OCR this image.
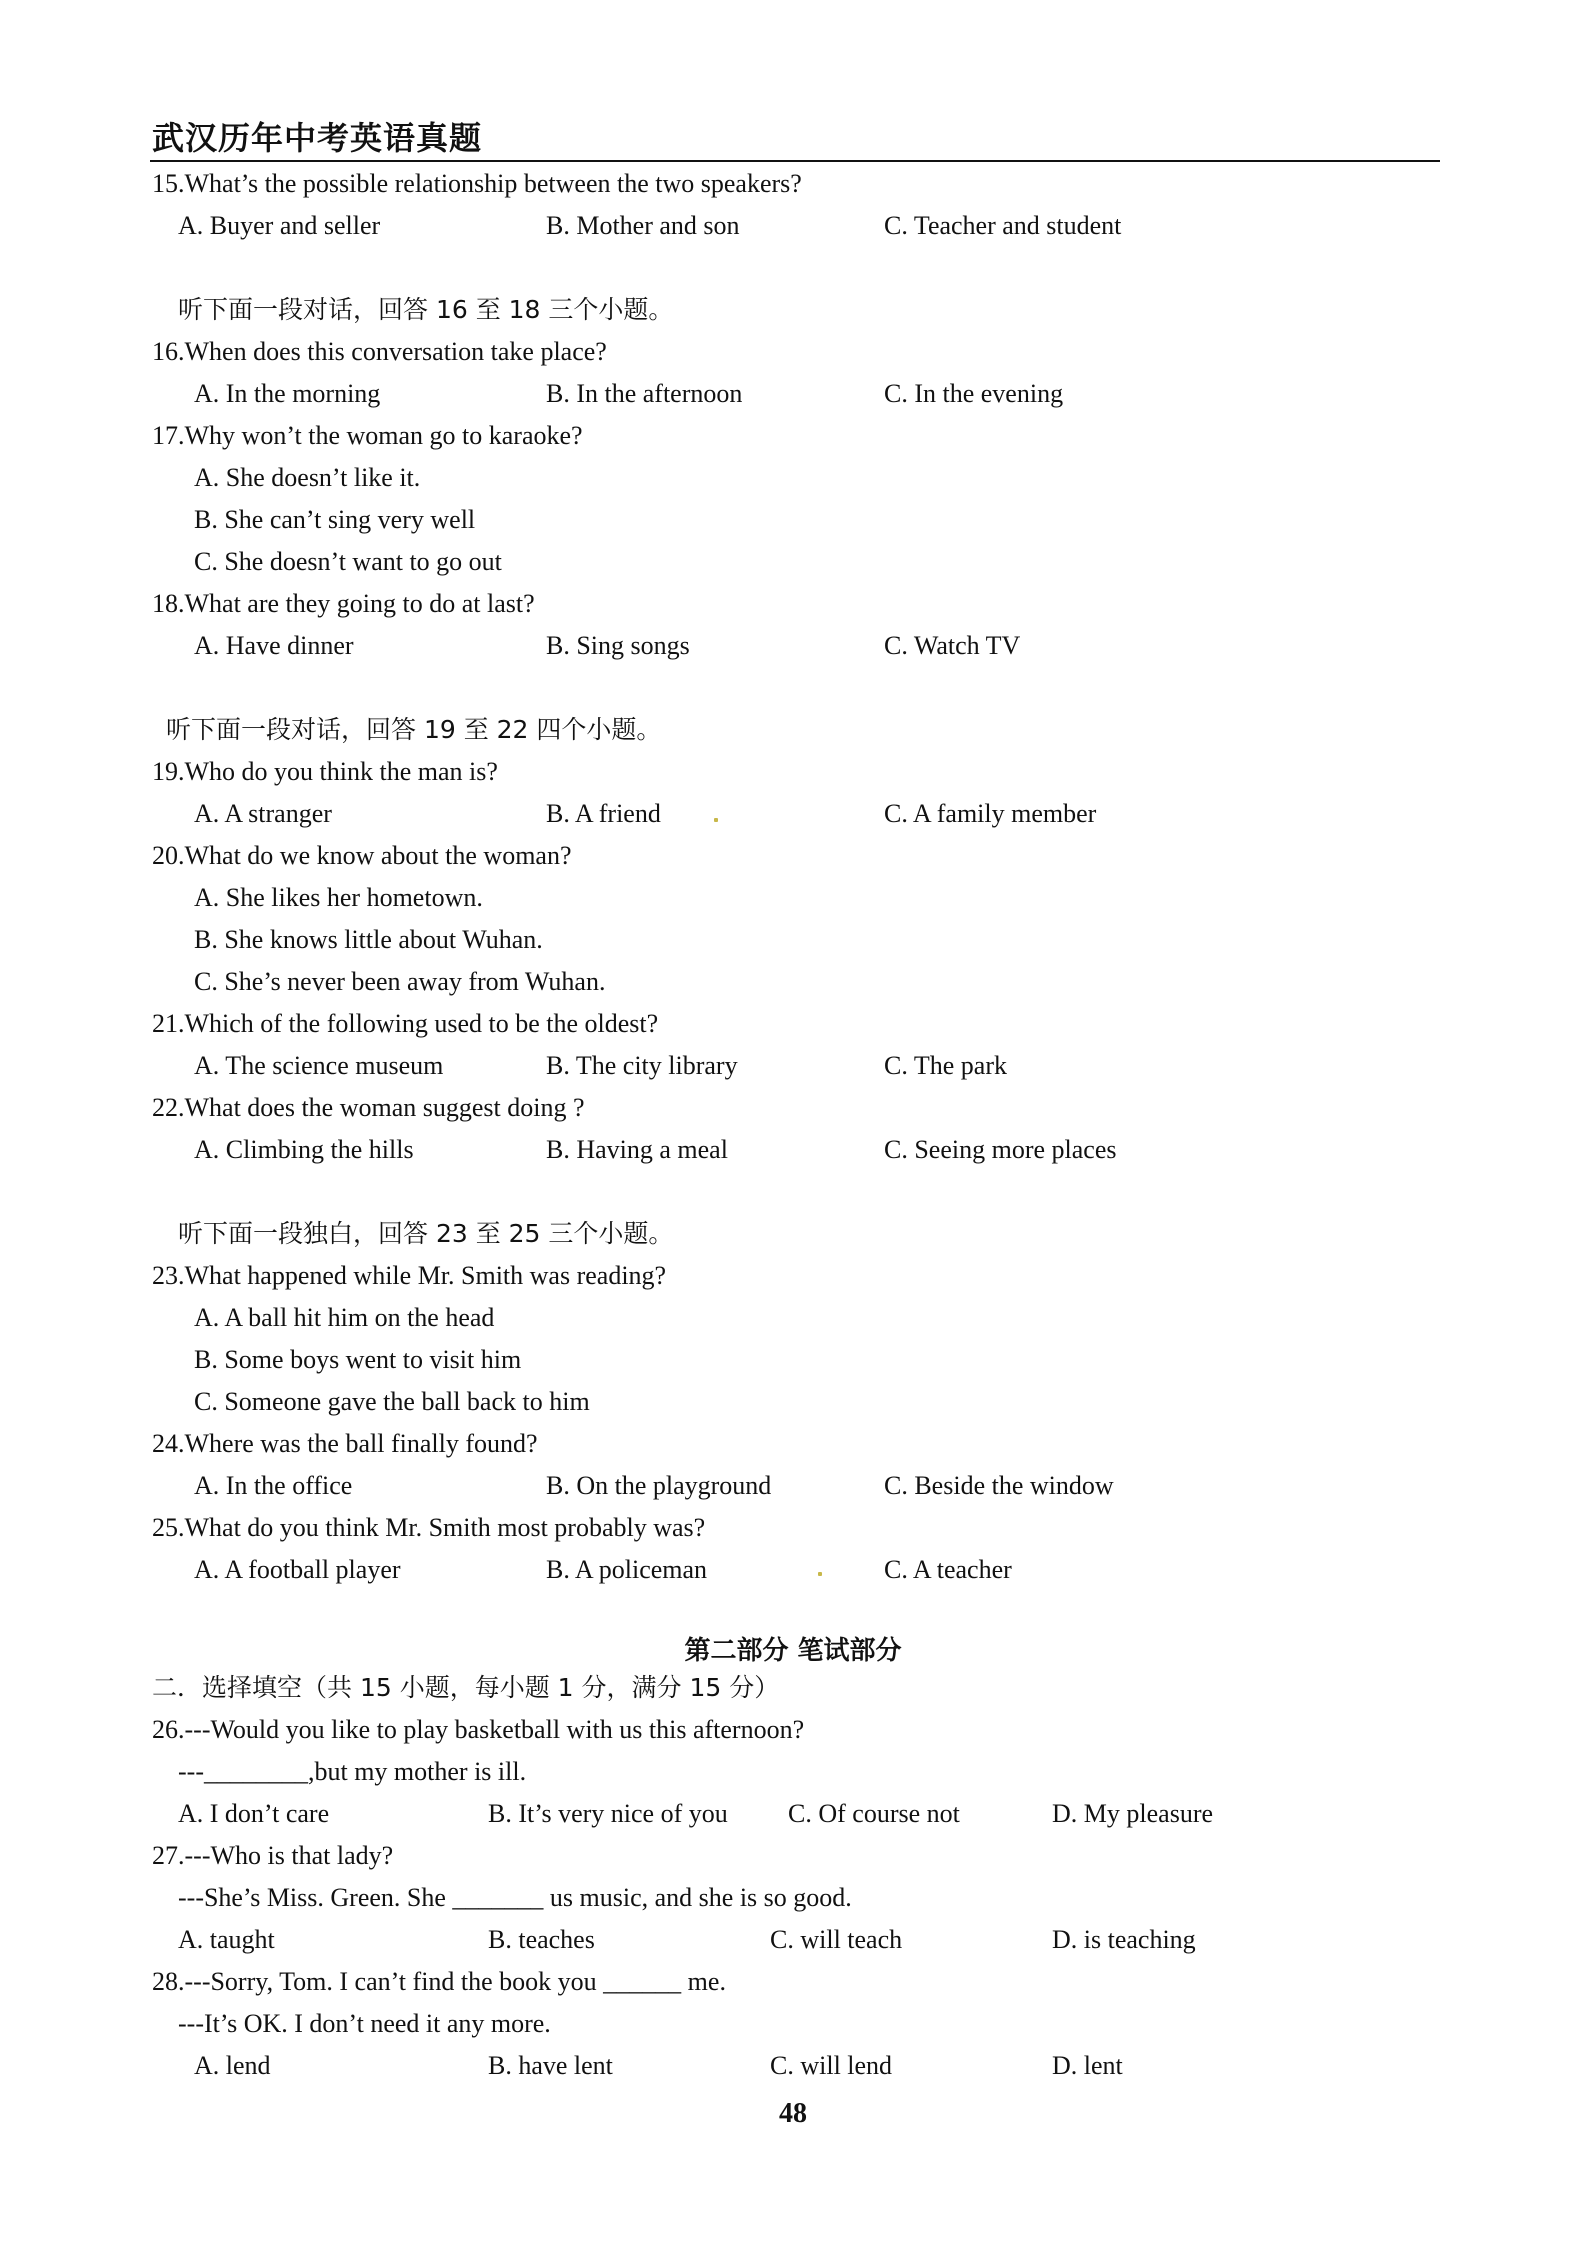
武汉历年中考英语真题
15.What’s the possible relationship between the two speakers?
A. Buyer and seller	B. Mother and son	C. Teacher and student
听下面一段对话，回答 16 至 18 三个小题。
16.When does this conversation take place?
A. In the morning	B. In the afternoon	C. In the evening
17.Why won’t the woman go to karaoke?
A. She doesn’t like it.
B. She can’t sing very well
C. She doesn’t want to go out
18.What are they going to do at last?
A. Have dinner	B. Sing songs	C. Watch TV
听下面一段对话，回答 19 至 22 四个小题。
19.Who do you think the man is?
A. A stranger	B. A friend	C. A family member
20.What do we know about the woman?
A. She likes her hometown.
B. She knows little about Wuhan.
C. She’s never been away from Wuhan.
21.Which of the following used to be the oldest?
A. The science museum	B. The city library	C. The park
22.What does the woman suggest doing ?
A. Climbing the hills	B. Having a meal	C. Seeing more places
听下面一段独白，回答 23 至 25 三个小题。
23.What happened while Mr. Smith was reading?
A. A ball hit him on the head
B. Some boys went to visit him
C. Someone gave the ball back to him
24.Where was the ball finally found?
A. In the office	B. On the playground	C. Beside the window
25.What do you think Mr. Smith most probably was?
A. A football player	B. A policeman	C. A teacher
第二部分 笔试部分
二．选择填空（共 15 小题，每小题 1 分，满分 15 分）
26.---Would you like to play basketball with us this afternoon?
---________,but my mother is ill.
A. I don’t care	B. It’s very nice of you C. Of course not	D. My pleasure
27.---Who is that lady?
---She’s Miss. Green. She _______ us music, and she is so good.
A. taught	B. teaches	C. will teach	D. is teaching
28.---Sorry, Tom. I can’t find the book you ______ me.
---It’s OK. I don’t need it any more.
A. lend	B. have lent	C. will lend	D. lent
48
